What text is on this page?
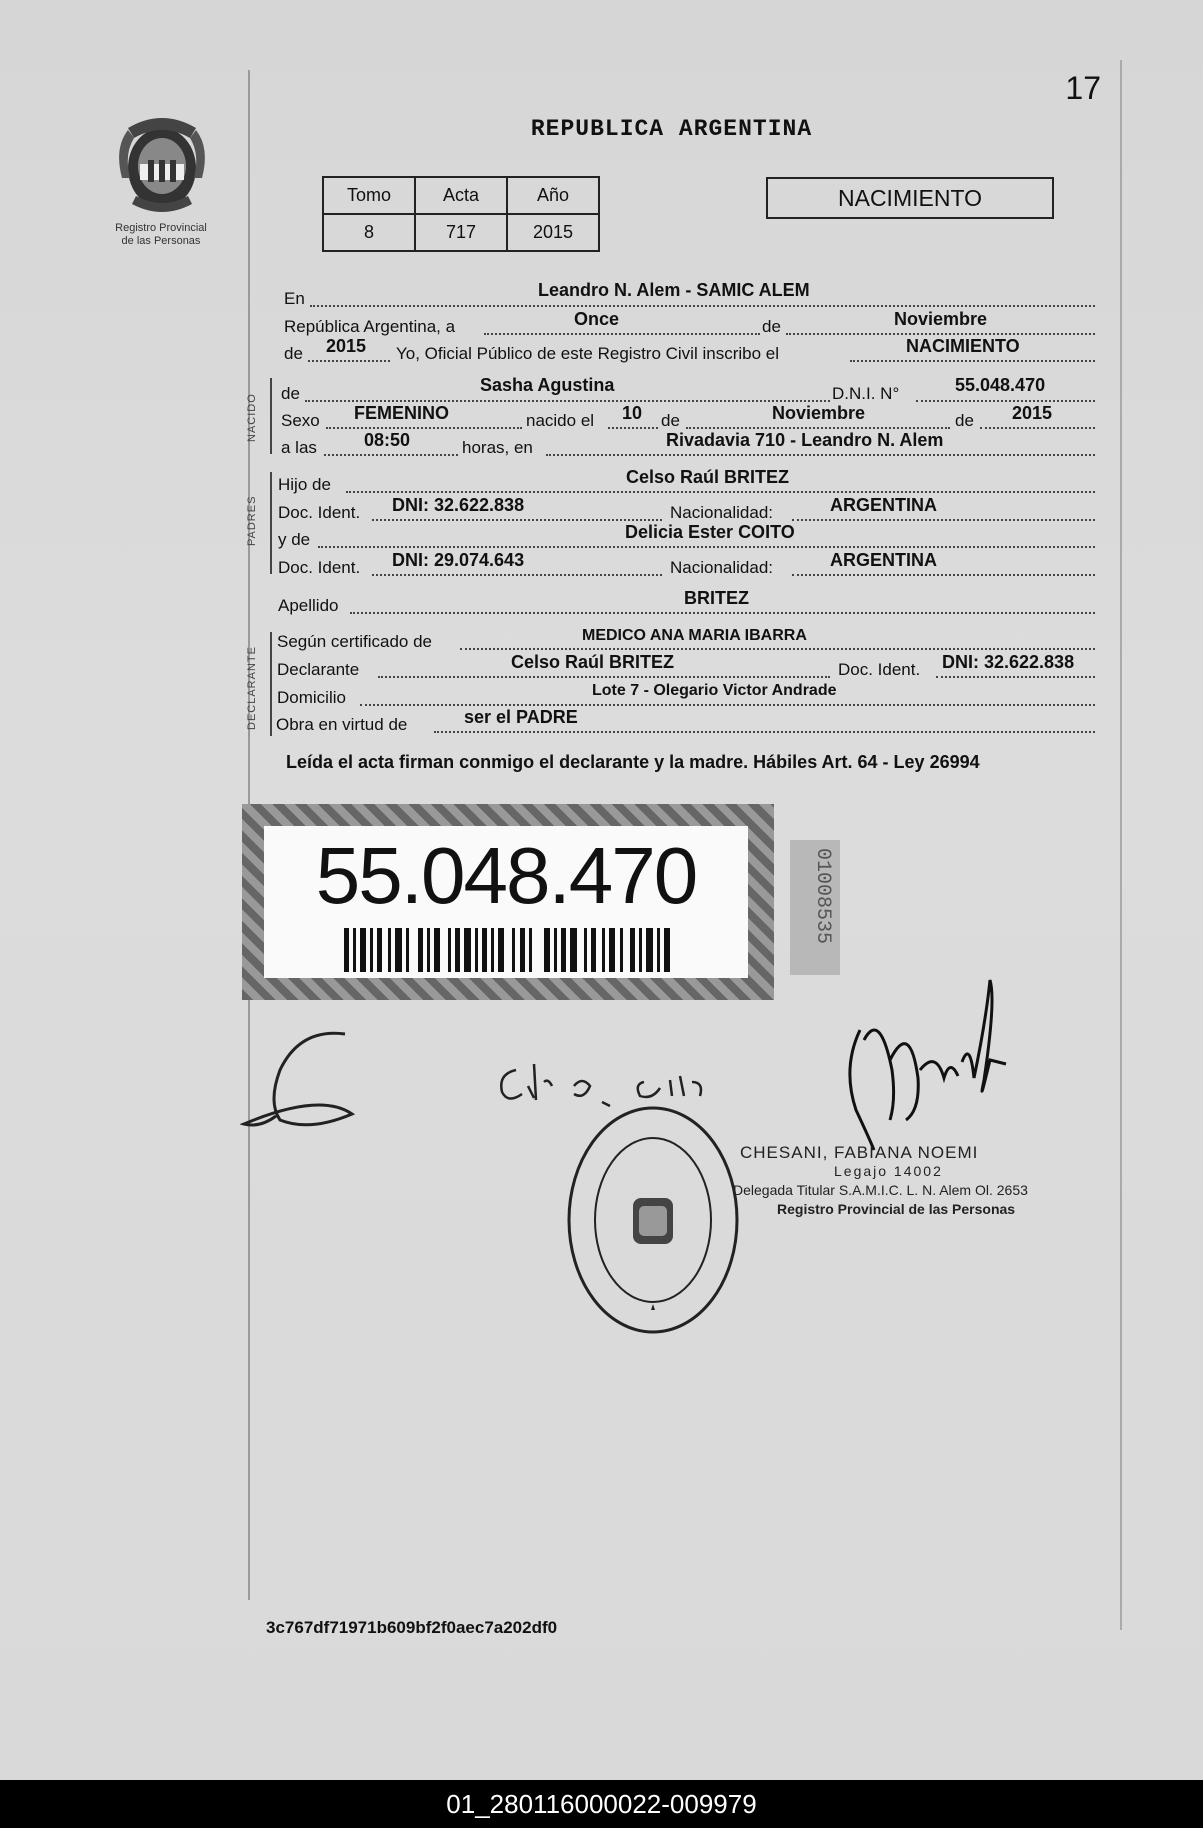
17
Registro Provincial
de las Personas
REPUBLICA ARGENTINA
Tomo	Acta	Año
8	717	2015
NACIMIENTO
En	Leandro N. Alem - SAMIC ALEM
República Argentina, a	Once	de	Noviembre
de 2015 Yo, Oficial Público de este Registro Civil inscribo el	NACIMIENTO
NACIDO de	Sasha Agustina	D.N.I. N°	55.048.470
Sexo FEMENINO	nacido el 10 de	Noviembre	de 2015
a las	08:50	horas, en	Rivadavia 710 - Leandro N. Alem
PADRES
Hijo de	Celso Raúl BRITEZ
Doc. Ident. DNI: 32.622.838	Nacionalidad:	ARGENTINA
y de	Delicia Ester COITO
Doc. Ident. DNI: 29.074.643	Nacionalidad:	ARGENTINA
Apellido	BRITEZ
DECLARANTE
Según certificado de	MEDICO ANA MARIA IBARRA
Declarante	Celso Raúl BRITEZ	Doc. Ident. DNI: 32.622.838
Domicilio	Lote 7 - Olegario Victor Andrade
Obra en virtud de	ser el PADRE
Leída el acta firman conmigo el declarante y la madre. Hábiles Art. 64 - Ley 26994
55.048.470	01008535
CHESANI, FABIANA NOEMI
Legajo 14002
Delegada Titular S.A.M.I.C. L. N. Alem Ol. 2653
Registro Provincial de las Personas
3c767df71971b609bf2f0aec7a202df0
01_280116000022-009979
